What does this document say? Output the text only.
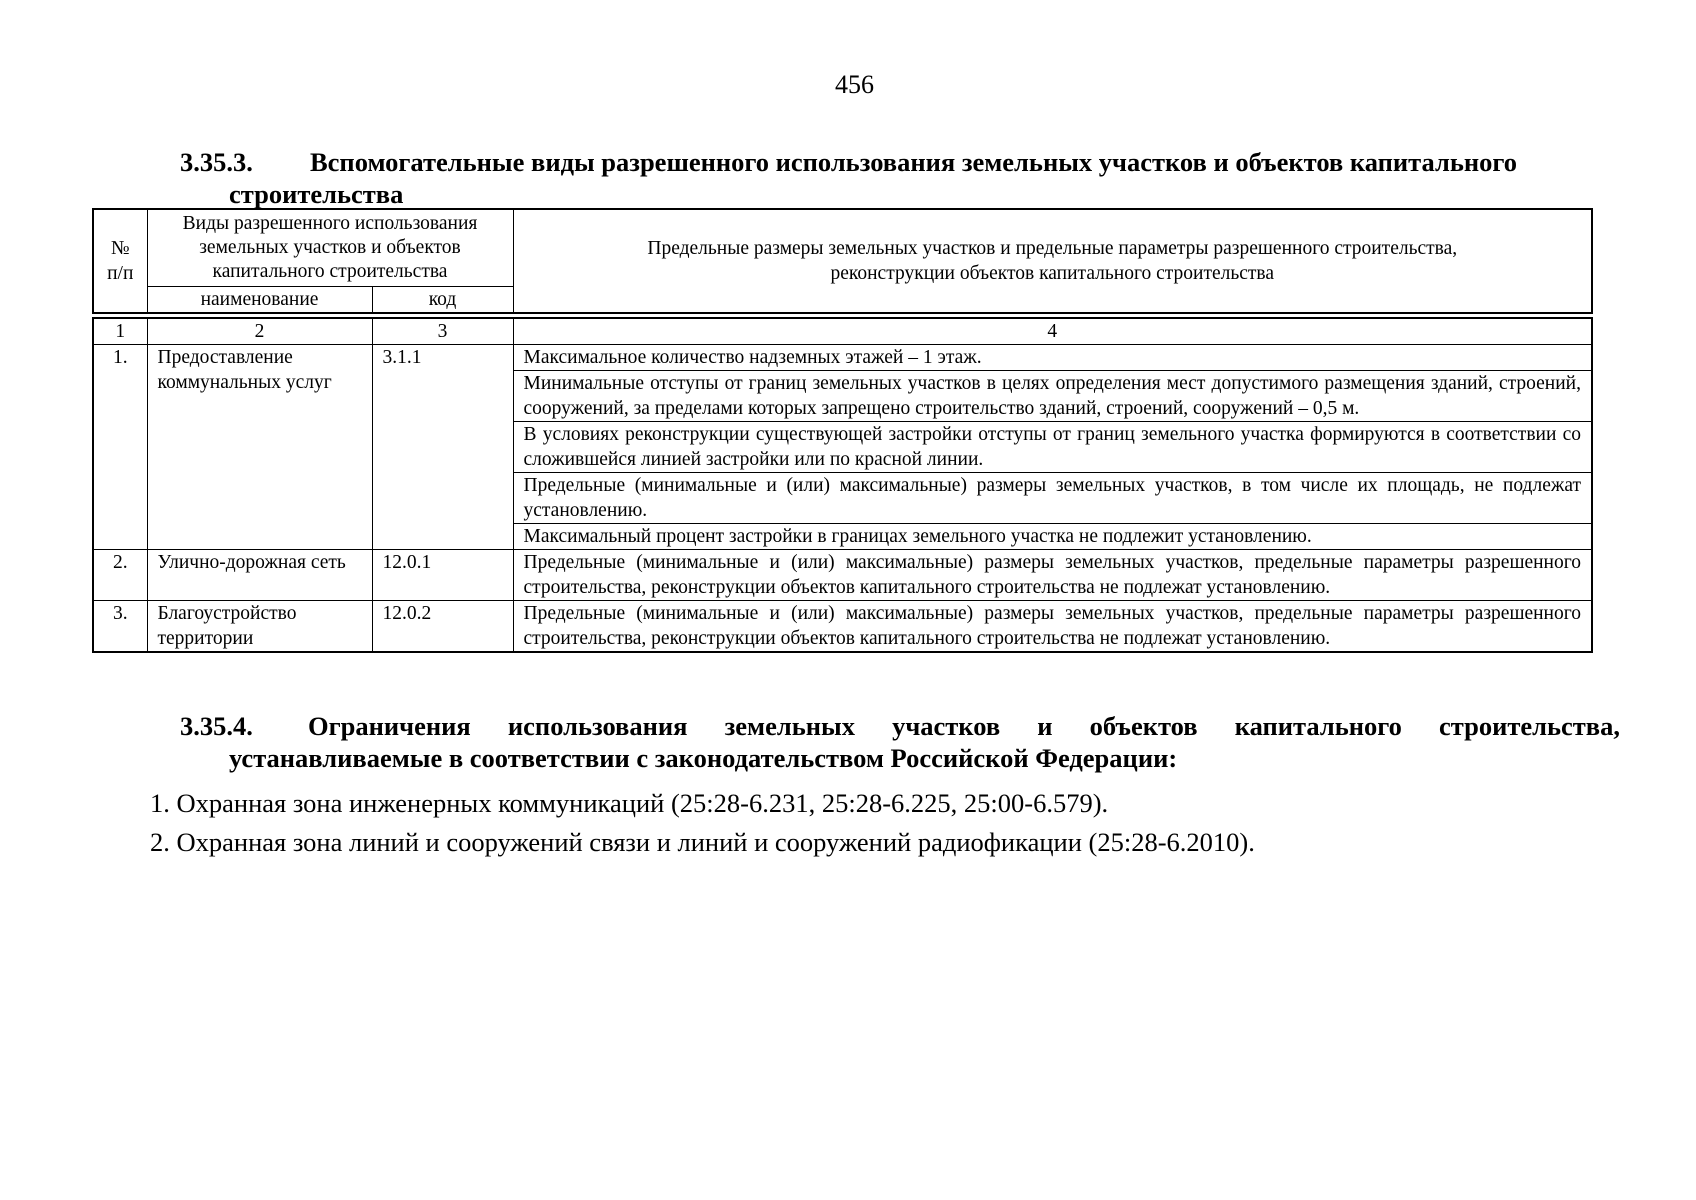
456
3.35.3. Вспомогательные виды разрешенного использования земельных участков и объектов капитального
строительства
№ п/п	Виды разрешенного использования земельных участков и объектов капитального строительства		Предельные размеры земельных участков и предельные параметры разрешенного строительства, реконструкции объектов капитального строительства
	наименование	код	
1	2	3	4
1.	Предоставление коммунальных услуг	3.1.1	Максимальное количество надземных этажей – 1 этаж.
			Минимальные отступы от границ земельных участков в целях определения мест допустимого размещения зданий, строений, сооружений, за пределами которых запрещено строительство зданий, строений, сооружений – 0,5 м.
			В условиях реконструкции существующей застройки отступы от границ земельного участка формируются в соответствии со сложившейся линией застройки или по красной линии.
			Предельные (минимальные и (или) максимальные) размеры земельных участков, в том числе их площадь, не подлежат установлению.
			Максимальный процент застройки в границах земельного участка не подлежит установлению.
2.	Улично-дорожная сеть	12.0.1	Предельные (минимальные и (или) максимальные) размеры земельных участков, предельные параметры разрешенного строительства, реконструкции объектов капитального строительства не подлежат установлению.
3.	Благоустройство территории	12.0.2	Предельные (минимальные и (или) максимальные) размеры земельных участков, предельные параметры разрешенного строительства, реконструкции объектов капитального строительства не подлежат установлению.
3.35.4.	Ограничения использования земельных участков и объектов капитального строительства,
устанавливаемые в соответствии с законодательством Российской Федерации:
1. Охранная зона инженерных коммуникаций (25:28-6.231, 25:28-6.225, 25:00-6.579).
2. Охранная зона линий и сооружений связи и линий и сооружений радиофикации (25:28-6.2010).
